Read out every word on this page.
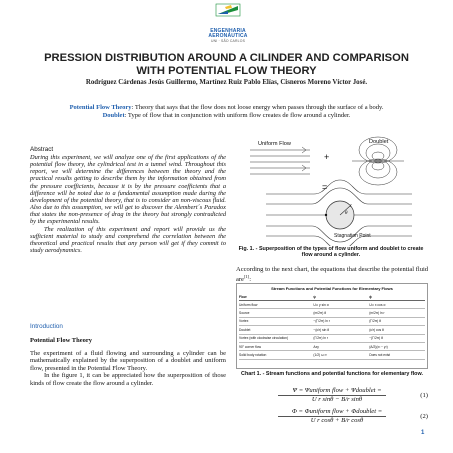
ENGENHARIA
AERONÁUTICA
UNI · SÃO CARLOS
PRESSION DISTRIBUTION AROUND A CILINDER AND COMPARISON WITH POTENTIAL FLOW THEORY
Rodríguez Cárdenas Jesús Guillermo, Martínez Ruiz Pablo Elías, Cisneros Moreno Víctor José.
Potential Flow Theory: Theory that says that the flow does not loose energy when passes through the surface of a body.
Doublet: Type of flow that in conjunction with uniform flow creates de flow around a cylinder.
Abstract

During this experiment, we will analyze one of the first applications of the potential flow theory, the cylindrical test in a tunnel wind. Throughout this report, we will determine the differences between the theory and the practical results getting to describe them by the information obtained from the pressure coefficients, because it is by the pressure coefficients that a difference will be noted due to a fundamental assumption made during the development of the potential theory, that is to consider an non-viscous fluid. Also due to this assumption, we will get to discover the Alembert´s Paradox that states the non-presence of drag in the theory but strongly contradicted by the experimental results.

The realization of this experiment and report will provide us the sufficient material to study and comprehend the correlation between the theoretical and practical results that any person will get if they commit to study aerodynamics.

Introduction
Potential Flow Theory

The experiment of a fluid flowing and surrounding a cylinder can be mathematically explained by the superposition of a doublet and uniform flow, presented in the Potential Flow Theory.

In the figure 1, it can be appreciated how the superposition of those kinds of flow create the flow around a cylinder.

Uniform Flow
+
Doublet
=
r
θ
Stagnation Point
Fig. 1. - Superposition of the types of flow uniform and doublet to create flow around a cylinder.
According to the next chart, the equations that describe the potential fluid are[1]:
Stream Functions and Potential Functions for Elementary Flows
Flow	ψ	ϕ
Uniform flow	U∞ y sin α	U∞ x cos α
Source	(m/2π) θ	(m/2π) ln r
Vortex	−(Γ/2π) ln r	(Γ/2π) θ
Doublet	−(κ/r) sin θ	(κ/r) cos θ
Vortex (with clockwise circulation)	(Γ/2π) ln r	−(Γ/2π) θ
90° corner flow	Axy	(A/2)(x² − y²)
Solid body rotation	(1/2) ω r²	Does not exist
Chart 1. - Stream functions and potential functions for elementary flow.
Ψ = Ψuniform flow + Ψdoublet =
U r sinθ − B/r sinθ	(1)
Φ = Φuniform flow + Φdoublet =
U r cosθ + B/r cosθ	(2)
1
